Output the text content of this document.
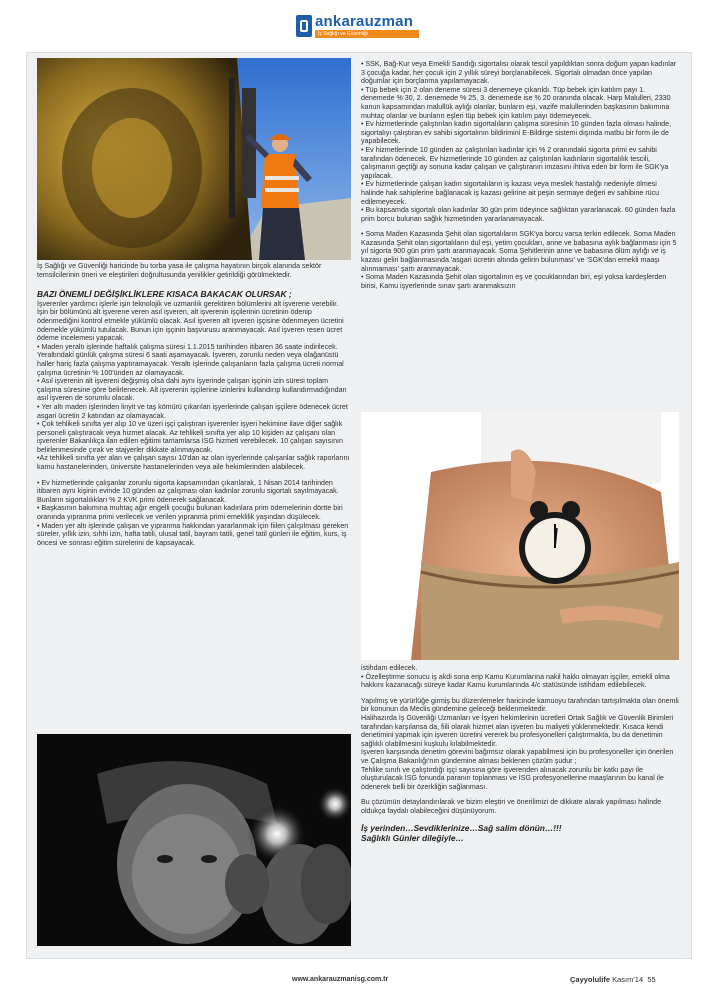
ankarauzman
İş Sağlığı ve Güvenliği

İş Sağlığı ve Güvenliği haricinde bu torba yasa ile çalışma hayatının birçok alanında sektör temsilcilerinin öneri ve eleştirileri doğrultusunda yenilikler getirildiği görülmektedir.

BAZI ÖNEMLİ DEĞİŞİKLİKLERE KISACA BAKACAK OLURSAK ;

İşverenler yardımcı işlerle işin teknolojik ve uzmanlık gerektiren bölümlerini alt işverene verebilir. İşin bir bölümünü alt işverene veren asıl işveren, alt işverenin işçilerinin ücretinin ödenip ödenmediğini kontrol etmekle yükümlü olacak. Asıl işveren alt işveren işçisine ödenmeyen ücretini ödemekle yükümlü tutulacak. Bunun için işçinin başvurusu aranmayacak. Asıl işveren resen ücret ödeme incelemesi yapacak.

• Maden yeraltı işlerinde haftalık çalışma süresi 1.1.2015 tarihinden itibaren 36 saate indirilecek. Yeraltındaki günlük çalışma süresi 6 saati aşamayacak. İşveren, zorunlu neden veya olağanüstü haller hariç fazla çalışma yaptıramayacak. Yeraltı işlerinde çalışanların fazla çalışma ücreti normal çalışma ücretinin % 100'ünden az olamayacak.

• Asıl işverenin alt işvereni değişmiş olsa dahi aynı işyerinde çalışan işçinin izin süresi toplam çalışma süresine göre belirlenecek. Alt işverenin işçilerine izinlerini kullandırıp kullandırmadığından asıl işveren de sorumlu olacak.

• Yer altı maden işlerinden linyit ve taş kömürü çıkarılan işyerlerinde çalışan işçilere ödenecek ücret asgari ücretin 2 katından az olamayacak.

• Çok tehlikeli sınıfta yer alıp 10 ve üzeri işçi çalıştıran işverenler işyeri hekimine ilave diğer sağlık personeli çalıştıracak veya hizmet alacak. Az tehlikeli sınıfta yer alıp 10 kişiden az çalışanı olan işverenler Bakanlıkça ilan edilen eğitimi tamamlarsa İSG hizmeti verebilecek. 10 çalışan sayısının belirlenmesinde çırak ve stajyerler dikkate alınmayacak.

•Az tehlikeli sınıfta yer alan ve çalışan sayısı 10'dan az olan işyerlerinde çalışanlar sağlık raporlarını kamu hastanelerinden, üniversite hastanelerinden veya aile hekimlerinden alabilecek.

• Ev hizmetlerinde çalışanlar zorunlu sigorta kapsamından çıkarılarak, 1 Nisan 2014 tarihinden itibaren aynı kişinin evinde 10 günden az çalışması olan kadınlar zorunlu sigortalı sayılmayacak. Bunların sigortalılıkları % 2 KVK primi ödenerek sağlanacak.

• Başkasının bakımına muhtaç ağır engelli çocuğu bulunan kadınlara prim ödemelerinin dörtte biri oranında yıpranma primi verilecek ve verilen yıpranma primi emeklilik yaşından düşülecek.

• Maden yer altı işlerinde çalışan ve yıpranma hakkından yararlanmak için fiilen çalışılması gereken süreler, yıllık izin, sıhhi izin, hafta tatili, ulusal tatil, bayram tatili, genel tatil günleri ile eğitim, kurs, iş öncesi ve sonrası eğitim sürelerini de kapsayacak.

• SSK, Bağ-Kur veya Emekli Sandığı sigortalısı olarak tescil yapıldıktan sonra doğum yapan kadınlar 3 çocuğa kadar, her çocuk için 2 yıllık süreyi borçlanabilecek. Sigortalı olmadan önce yapılan doğumlar için borçlanma yapılamayacak.

• Tüp bebek için 2 olan deneme süresi 3 denemeye çıkarıldı. Tüp bebek için katılım payı 1. denemede % 30, 2. denemede % 25, 3. denemede ise % 20 oranında olacak. Harp Malulleri, 2330 kanun kapsamından malullük aylığı olanlar, bunların eşi, vazife malullerinden başkasının bakımına muhtaç olanlar ve bunların eşleri tüp bebek için katılım payı ödemeyecek.

• Ev hizmetlerinde çalıştırılan kadın sigortalıların çalışma süresinin 10 günden fazla olması halinde, sigortalıyı çalıştıran ev sahibi sigortalının bildirimini E-Bildirge sistemi dışında matbu bir form ile de yapabilecek.

• Ev hizmetlerinde 10 günden az çalıştırılan kadınlar için % 2 oranındaki sigorta primi ev sahibi tarafından ödenecek. Ev hizmetlerinde 10 günden az çalıştırılan kadınların sigortalılık tescili, çalışmanın geçtiği ay sonuna kadar çalışan ve çalıştıranın imzasını ihtiva eden bir form ile SGK'ya yapılacak.

• Ev hizmetlerinde çalışan kadın sigortalıların iş kazası veya meslek hastalığı nedeniyle ölmesi halinde hak sahiplerine bağlanacak iş kazası gelirine ait peşin sermaye değeri ev sahibine rücu edilemeyecek.

• Bu kapsamda sigortalı olan kadınlar 30 gün prim ödeyince sağlıktan yararlanacak. 60 günden fazla prim borcu bulunan sağlık hizmetinden yararlanamayacak.

• Soma Maden Kazasında Şehit olan sigortalıların SGK'ya borcu varsa terkin edilecek. Soma Maden Kazasında Şehit olan sigortalıların dul eşi, yetim çocukları, anne ve babasına aylık bağlanması için 5 yıl sigorta 900 gün prim şartı aranmayacak. Soma Şehitlerinin anne ve babasına ölüm aylığı ve iş kazası geliri bağlanmasında 'asgari ücretin altında gelirin bulunması' ve 'SGK'dan emekli maaşı alınmaması' şartı aranmayacak.

• Soma Maden Kazasında Şehit olan sigortalının eş ve çocuklarından biri, eşi yoksa kardeşlerden birisi, Kamu işyerlerinde sınav şartı aranmaksızın

istihdam edilecek.

• Özelleştirme sonucu iş akdi sona erip Kamu Kurumlarına nakil hakkı olmayan işçiler, emekli olma hakkını kazanacağı süreye kadar Kamu kurumlarında 4/c statüsünde istihdam edilebilecek.

Yapılmış ve yürürlüğe girmiş bu düzenlemeler haricinde kamuoyu tarafından tartışılmakta olan önemli bir konunun da Meclis gündemine geleceği beklenmektedir.

Halihazırda İş Güvenliği Uzmanları ve İşyeri hekimlerinin ücretleri Ortak Sağlık ve Güvenlik Birimleri tarafından karşılansa da, fiili olarak hizmet alan işveren bu maliyeti yüklenmektedir. Kısaca kendi denetimini yapmak için işveren ücretini vererek bu profesyonelleri çalıştırmakta, bu da denetimin sağlıklı olabilmesini kuşkulu kılabilmektedir.

İşveren karşısında denetim görevini bağımsız olarak yapabilmesi için bu profesyoneller için önerilen ve Çalışma Bakanlığı'nın gündemine alması beklenen çözüm şudur ;

Tehlike sınıfı ve çalıştırdığı işçi sayısına göre işverenden alınacak zorunlu bir katkı payı ile oluşturulacak İSG fonunda paranın toplanması ve İSG profesyonellerine maaşlarının bu kanal ile ödenerek belli bir özerkliğin sağlanması.

Bu çözümün detaylandırılarak ve bizim eleştiri ve önerilimizi de dikkate alarak yapılması halinde oldukça faydalı olabileceğini düşünüyorum.

İş yerinden…Sevdiklerinize…Sağ salim dönün…!!!
Sağlıklı Günler dileğiyle…
www.ankarauzmanisg.com.tr	Çayyolulife Kasım'14 55
